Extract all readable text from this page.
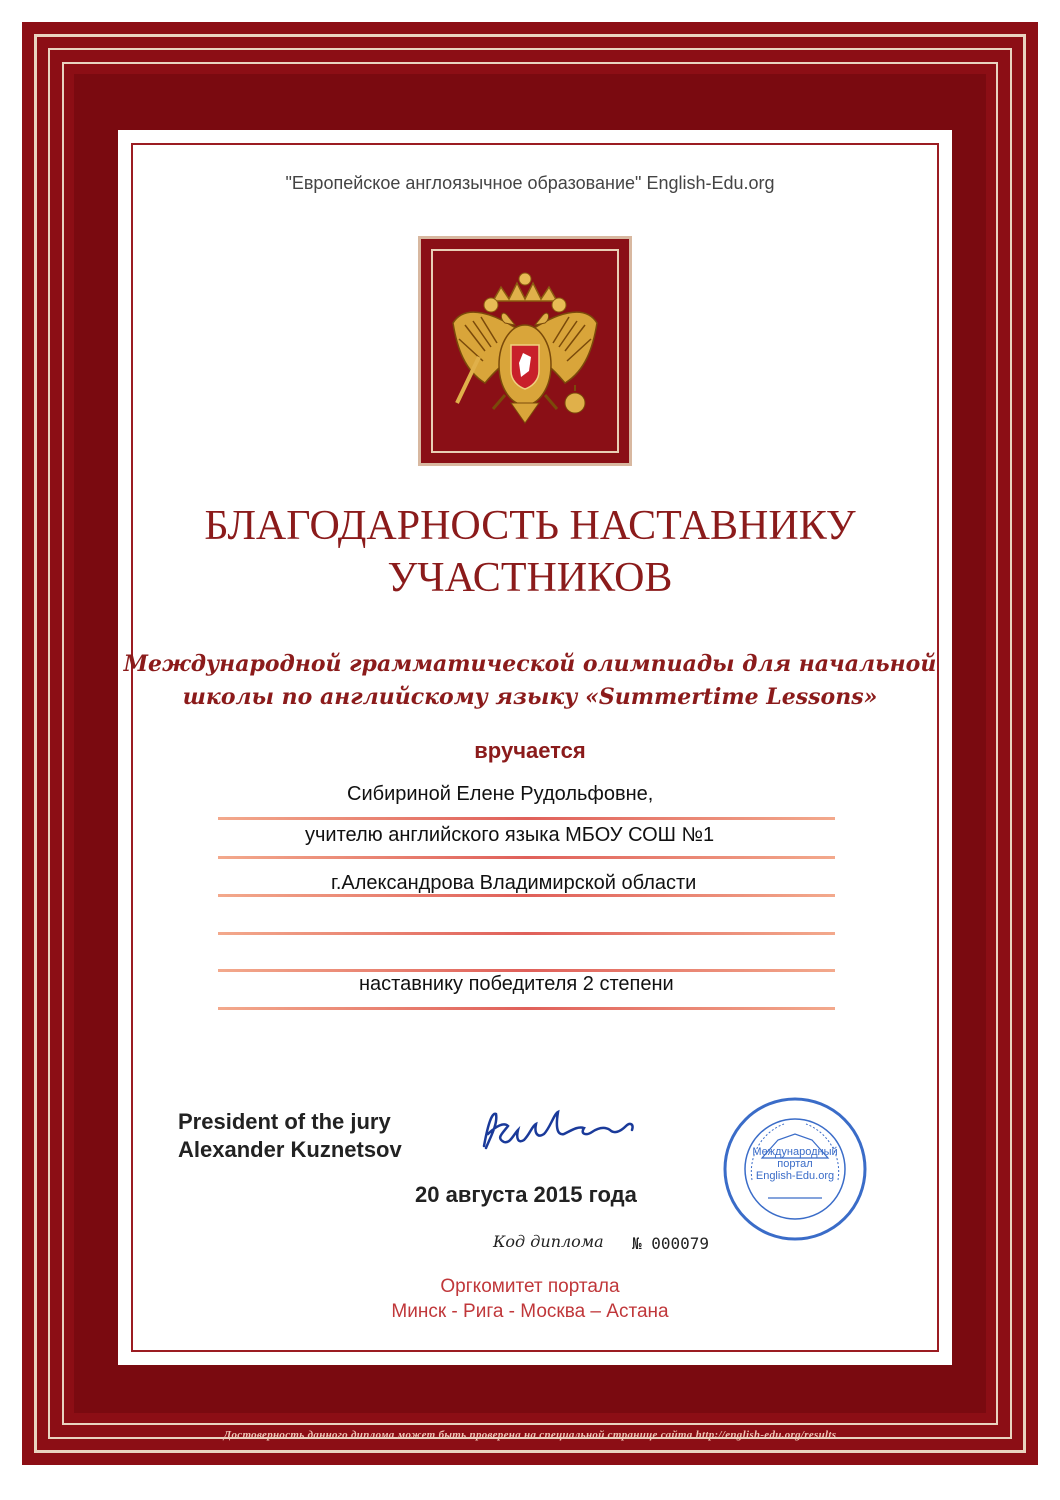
"Европейское англоязычное образование" English-Edu.org
БЛАГОДАРНОСТЬ НАСТАВНИКУ
УЧАСТНИКОВ
Международной грамматической олимпиады для начальной
школы по английскому языку «Summertime Lessons»
вручается
Сибириной Елене Рудольфовне,
учителю английского языка МБОУ СОШ №1
г.Александрова Владимирской области
наставнику победителя 2 степени
President of the jury
Alexander Kuznetsov
20 августа 2015 года
Код диплома № 000079
Международный
портал
English-Edu.org
Оргкомитет портала
Минск - Рига - Москва – Астана
Достоверность данного диплома может быть проверена на специальной странице сайта http://english-edu.org/results
